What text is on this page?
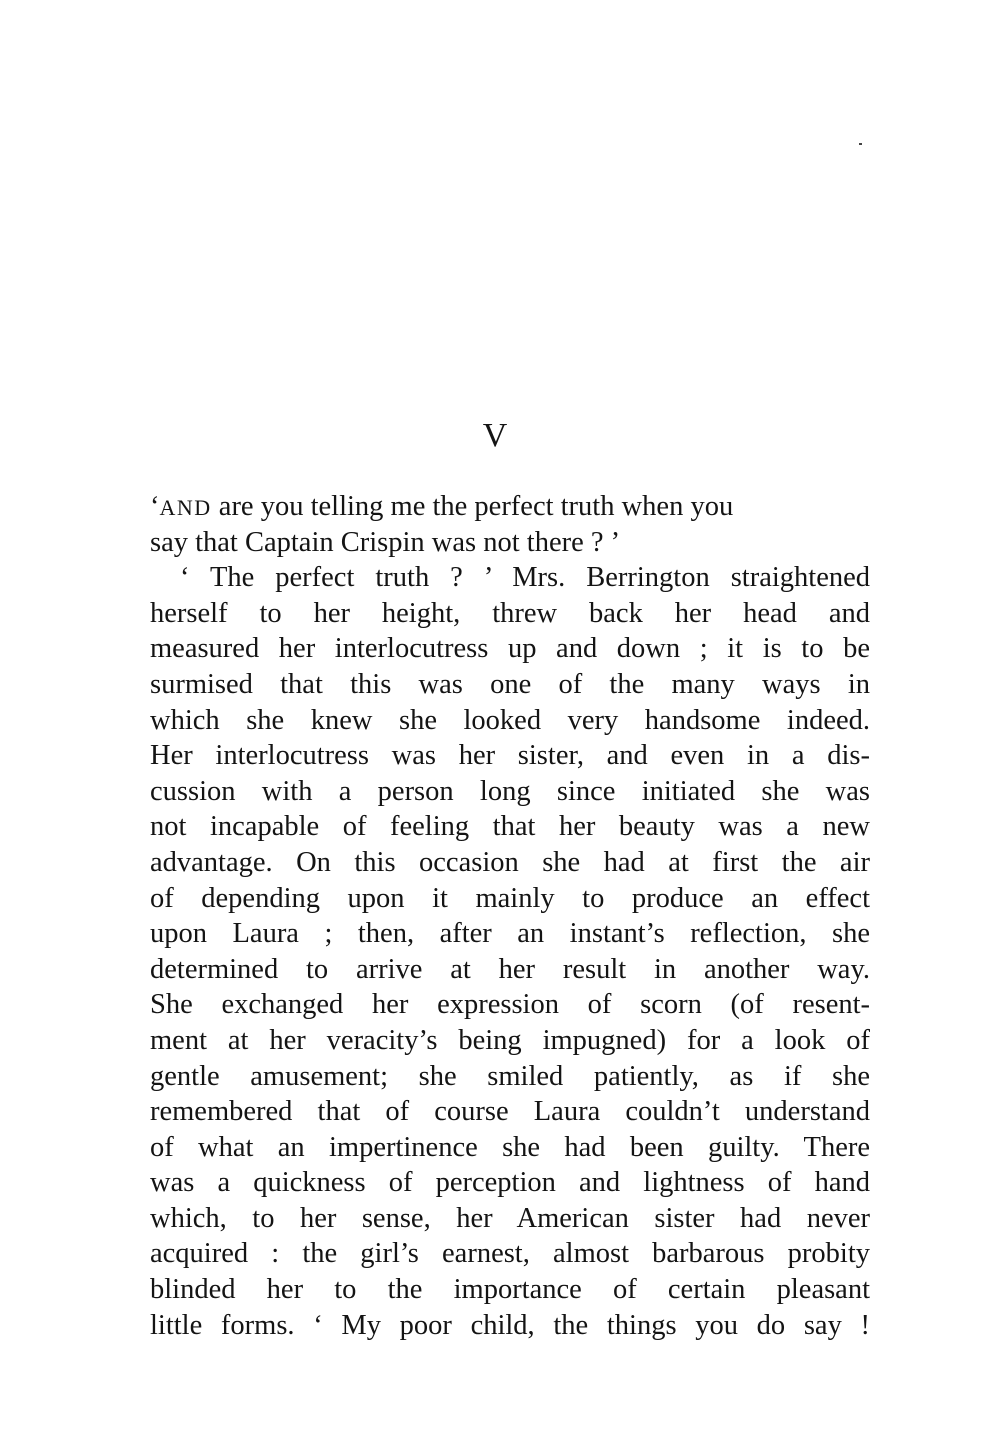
V
‘AND are you telling me the perfect truth when you
say that Captain Crispin was not there ? ’
‘ The perfect truth ? ’ Mrs. Berrington straightened
herself to her height, threw back her head and
measured her interlocutress up and down ; it is to be
surmised that this was one of the many ways in
which she knew she looked very handsome indeed.
Her interlocutress was her sister, and even in a dis-
cussion with a person long since initiated she was
not incapable of feeling that her beauty was a new
advantage. On this occasion she had at first the air
of depending upon it mainly to produce an effect
upon Laura ; then, after an instant’s reflection, she
determined to arrive at her result in another way.
She exchanged her expression of scorn (of resent-
ment at her veracity’s being impugned) for a look of
gentle amusement; she smiled patiently, as if she
remembered that of course Laura couldn’t understand
of what an impertinence she had been guilty. There
was a quickness of perception and lightness of hand
which, to her sense, her American sister had never
acquired : the girl’s earnest, almost barbarous probity
blinded her to the importance of certain pleasant
little forms. ‘ My poor child, the things you do say !
